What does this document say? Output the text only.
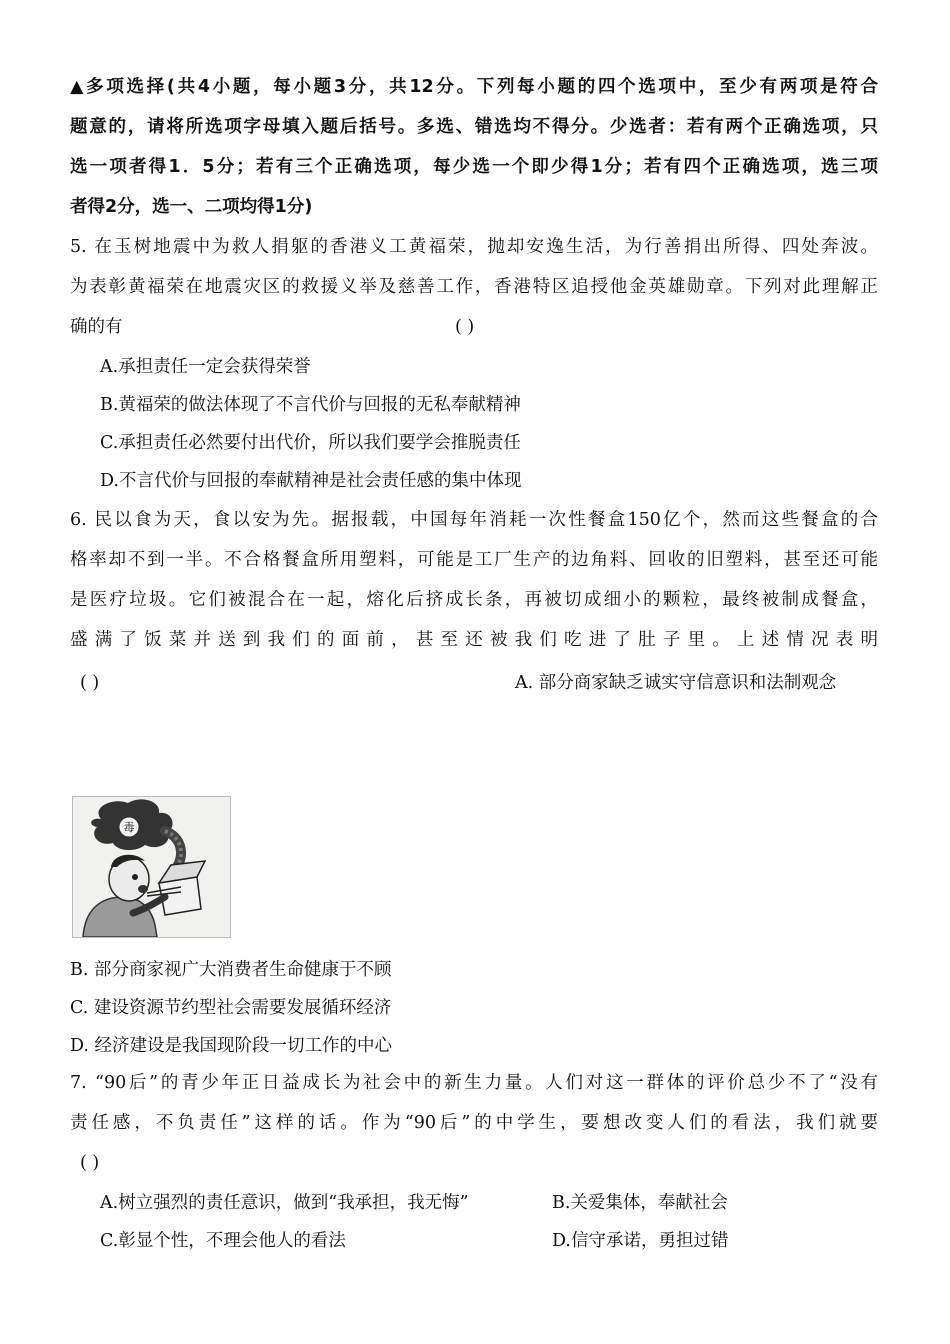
▲多项选择(共4小题，每小题3分，共12分。下列每小题的四个选项中，至少有两项是符合
题意的，请将所选项字母填入题后括号。多选、错选均不得分。少选者：若有两个正确选项，只
选一项者得1．5分；若有三个正确选项，每少选一个即少得1分；若有四个正确选项，选三项
者得2分，选一、二项均得1分)
5. 在玉树地震中为救人捐躯的香港义工黄福荣，抛却安逸生活，为行善捐出所得、四处奔波。
为表彰黄福荣在地震灾区的救援义举及慈善工作，香港特区追授他金英雄勋章。下列对此理解正
确的有	( )
A.承担责任一定会获得荣誉
B.黄福荣的做法体现了不言代价与回报的无私奉献精神
C.承担责任必然要付出代价，所以我们要学会推脱责任
D.不言代价与回报的奉献精神是社会责任感的集中体现
6. 民以食为天，食以安为先。据报载，中国每年消耗一次性餐盒150亿个，然而这些餐盒的合
格率却不到一半。不合格餐盒所用塑料，可能是工厂生产的边角料、回收的旧塑料，甚至还可能
是医疗垃圾。它们被混合在一起，熔化后挤成长条，再被切成细小的颗粒，最终被制成餐盒，
盛满了饭菜并送到我们的面前，甚至还被我们吃进了肚子里。上述情况表明
( )	A. 部分商家缺乏诚实守信意识和法制观念
毒
B. 部分商家视广大消费者生命健康于不顾
C. 建设资源节约型社会需要发展循环经济
D. 经济建设是我国现阶段一切工作的中心
7. “90后”的青少年正日益成长为社会中的新生力量。人们对这一群体的评价总少不了“没有
责任感，不负责任”这样的话。作为“90后”的中学生，要想改变人们的看法，我们就要
( )
A.树立强烈的责任意识，做到“我承担，我无悔”	B.关爱集体，奉献社会
C.彰显个性，不理会他人的看法	D.信守承诺，勇担过错
